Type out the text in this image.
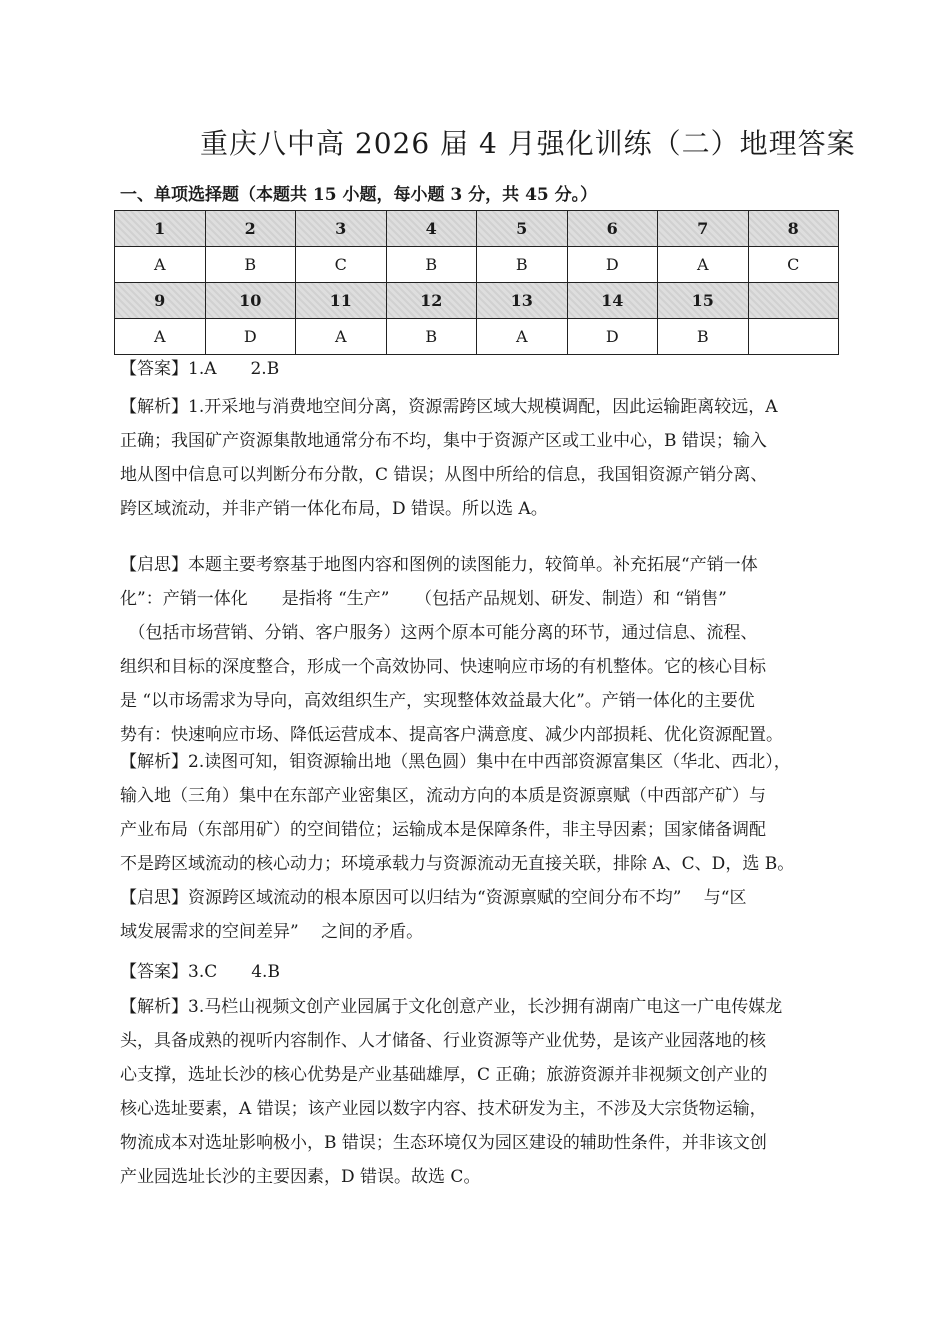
重庆八中高 2026 届 4 月强化训练（二）地理答案
一、单项选择题（本题共 15 小题，每小题 3 分，共 45 分。）
1	2	3	4	5	6	7	8
A	B	C	B	B	D	A	C
9	10	11	12	13	14	15	
A	D	A	B	A	D	B	
【答案】1.A　　2.B
【解析】1.开采地与消费地空间分离，资源需跨区域大规模调配，因此运输距离较远，A
正确；我国矿产资源集散地通常分布不均，集中于资源产区或工业中心，B 错误；输入
地从图中信息可以判断分布分散，C 错误；从图中所给的信息，我国钼资源产销分离、
跨区域流动，并非产销一体化布局，D 错误。所以选 A。
【启思】本题主要考察基于地图内容和图例的读图能力，较简单。补充拓展“产销一体
化”：产销一体化　　是指将 “生产”　　（包括产品规划、研发、制造）和 “销售”
　（包括市场营销、分销、客户服务）这两个原本可能分离的环节，通过信息、流程、
组织和目标的深度整合，形成一个高效协同、快速响应市场的有机整体。它的核心目标
是 “以市场需求为导向，高效组织生产，实现整体效益最大化”。产销一体化的主要优
势有：快速响应市场、降低运营成本、提高客户满意度、减少内部损耗、优化资源配置。
【解析】2.读图可知，钼资源输出地（黑色圆）集中在中西部资源富集区（华北、西北），
输入地（三角）集中在东部产业密集区，流动方向的本质是资源禀赋（中西部产矿）与
产业布局（东部用矿）的空间错位；运输成本是保障条件，非主导因素；国家储备调配
不是跨区域流动的核心动力；环境承载力与资源流动无直接关联，排除 A、C、D，选 B。
【启思】资源跨区域流动的根本原因可以归结为“资源禀赋的空间分布不均”　 与“区
域发展需求的空间差异”　 之间的矛盾。
【答案】3.C　　4.B
【解析】3.马栏山视频文创产业园属于文化创意产业，长沙拥有湖南广电这一广电传媒龙
头，具备成熟的视听内容制作、人才储备、行业资源等产业优势，是该产业园落地的核
心支撑，选址长沙的核心优势是产业基础雄厚，C 正确；旅游资源并非视频文创产业的
核心选址要素，A 错误；该产业园以数字内容、技术研发为主，不涉及大宗货物运输，
物流成本对选址影响极小，B 错误；生态环境仅为园区建设的辅助性条件，并非该文创
产业园选址长沙的主要因素，D 错误。故选 C。
